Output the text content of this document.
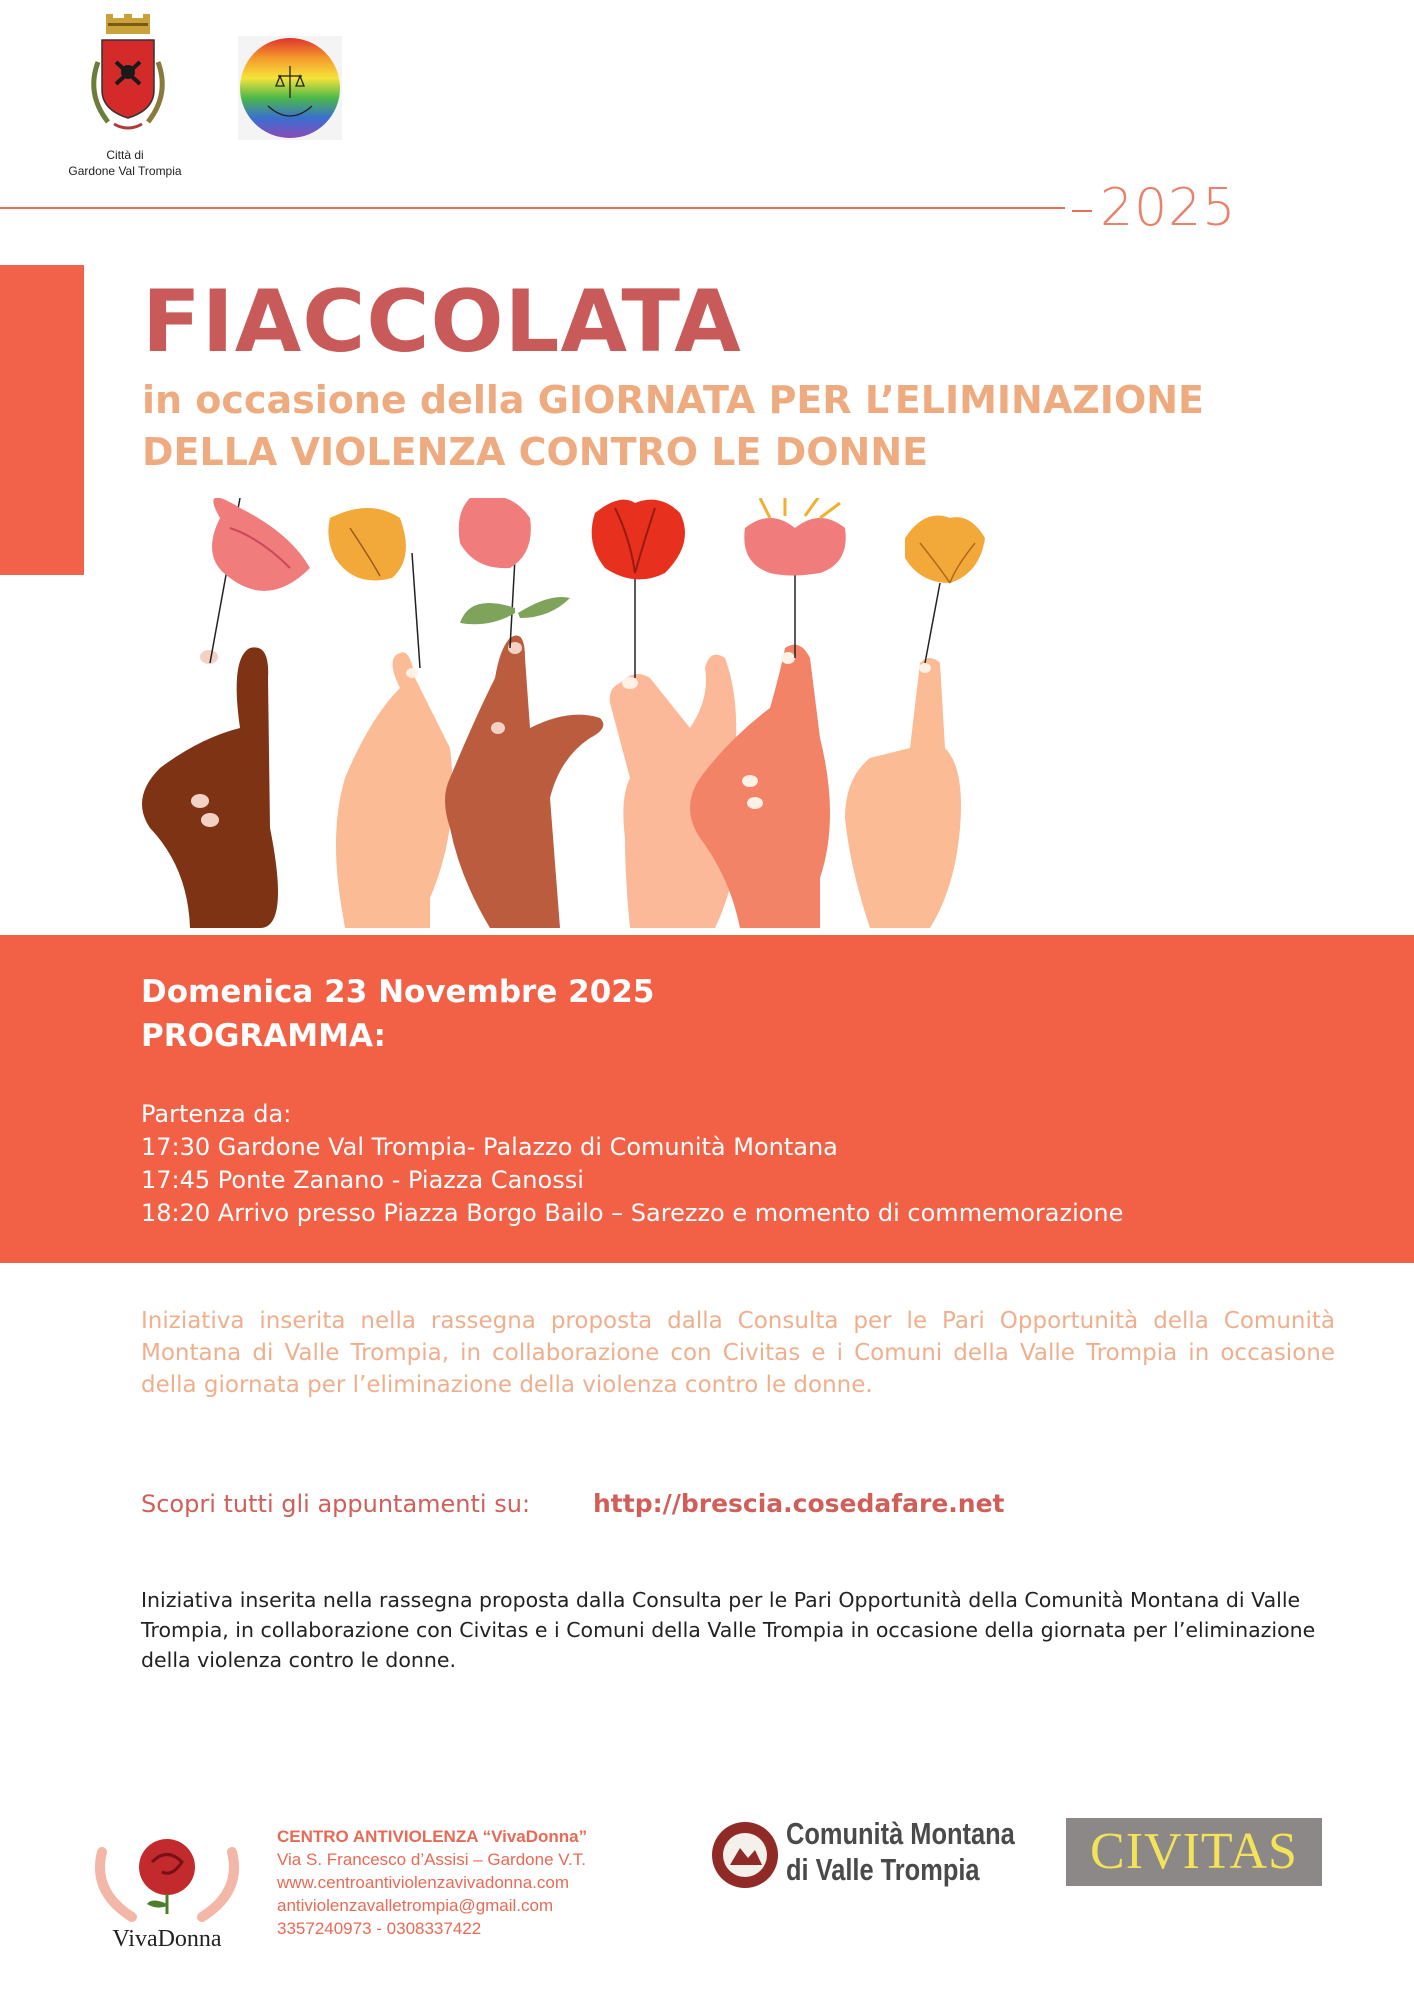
Città di
Gardone Val Trompia
2025
FIACCOLATA
in occasione della GIORNATA PER L’ELIMINAZIONE
DELLA VIOLENZA CONTRO LE DONNE
Domenica 23 Novembre 2025
PROGRAMMA:
Partenza da:
17:30 Gardone Val Trompia- Palazzo di Comunità Montana
17:45 Ponte Zanano - Piazza Canossi
18:20 Arrivo presso Piazza Borgo Bailo – Sarezzo e momento di commemorazione
Iniziativa inserita nella rassegna proposta dalla Consulta per le Pari Opportunità della Comunità Montana di Valle Trompia, in collaborazione con Civitas e i Comuni della Valle Trompia in occasione della giornata per l’eliminazione della violenza contro le donne.
Scopri tutti gli appuntamenti su:	http://brescia.cosedafare.net
Iniziativa inserita nella rassegna proposta dalla Consulta per le Pari Opportunità della Comunità Montana di Valle Trompia, in collaborazione con Civitas e i Comuni della Valle Trompia in occasione della giornata per l’eliminazione della violenza contro le donne.
VivaDonna
CENTRO ANTIVIOLENZA “VivaDonna”
Via S. Francesco d’Assisi – Gardone V.T.
www.centroantiviolenzavivadonna.com
antiviolenzavalletrompia@gmail.com
3357240973 - 0308337422
Comunità Montana
di Valle Trompia	CIVITAS
